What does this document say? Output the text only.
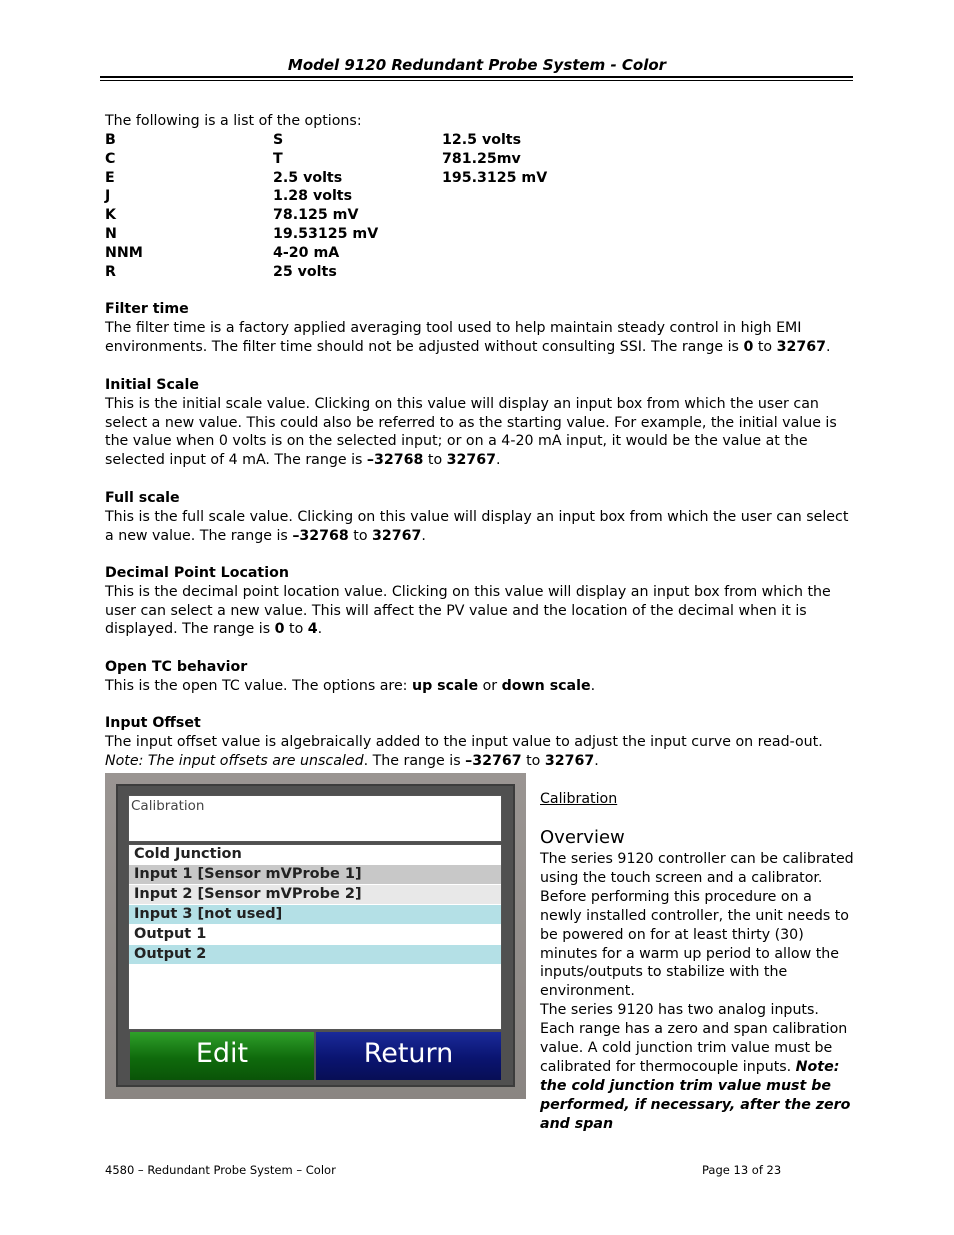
Model 9120 Redundant Probe System - Color
The following is a list of the options:
B
C
E
J
K
N
NNM
R
S
T
2.5 volts
1.28 volts
78.125 mV
19.53125 mV
4-20 mA
25 volts
12.5 volts
781.25mv
195.3125 mV
Filter time

The filter time is a factory applied averaging tool used to help maintain steady control in high EMI environments. The filter time should not be adjusted without consulting SSI. The range is 0 to 32767.

Initial Scale

This is the initial scale value. Clicking on this value will display an input box from which the user can select a new value. This could also be referred to as the starting value. For example, the initial value is the value when 0 volts is on the selected input; or on a 4-20 mA input, it would be the value at the selected input of 4 mA. The range is –32768 to 32767.

Full scale

This is the full scale value. Clicking on this value will display an input box from which the user can select a new value. The range is –32768 to 32767.

Decimal Point Location

This is the decimal point location value. Clicking on this value will display an input box from which the user can select a new value. This will affect the PV value and the location of the decimal when it is displayed. The range is 0 to 4.

Open TC behavior

This is the open TC value. The options are: up scale or down scale.

Input Offset

The input offset value is algebraically added to the input value to adjust the input curve on read-out. Note: The input offsets are unscaled. The range is –32767 to 32767.

Calibration
Cold Junction
Input 1 [Sensor mVProbe 1]
Input 2 [Sensor mVProbe 2]
Input 3 [not used]
Output 1
Output 2
Edit	Return
Calibration
Overview

The series 9120 controller can be calibrated using the touch screen and a calibrator. Before performing this procedure on a newly installed controller, the unit needs to be powered on for at least thirty (30) minutes for a warm up period to allow the inputs/outputs to stabilize with the environment.

The series 9120 has two analog inputs. Each range has a zero and span calibration value. A cold junction trim value must be calibrated for thermocouple inputs. Note: the cold junction trim value must be performed, if necessary, after the zero and span

4580 – Redundant Probe System – Color	Page 13 of 23
